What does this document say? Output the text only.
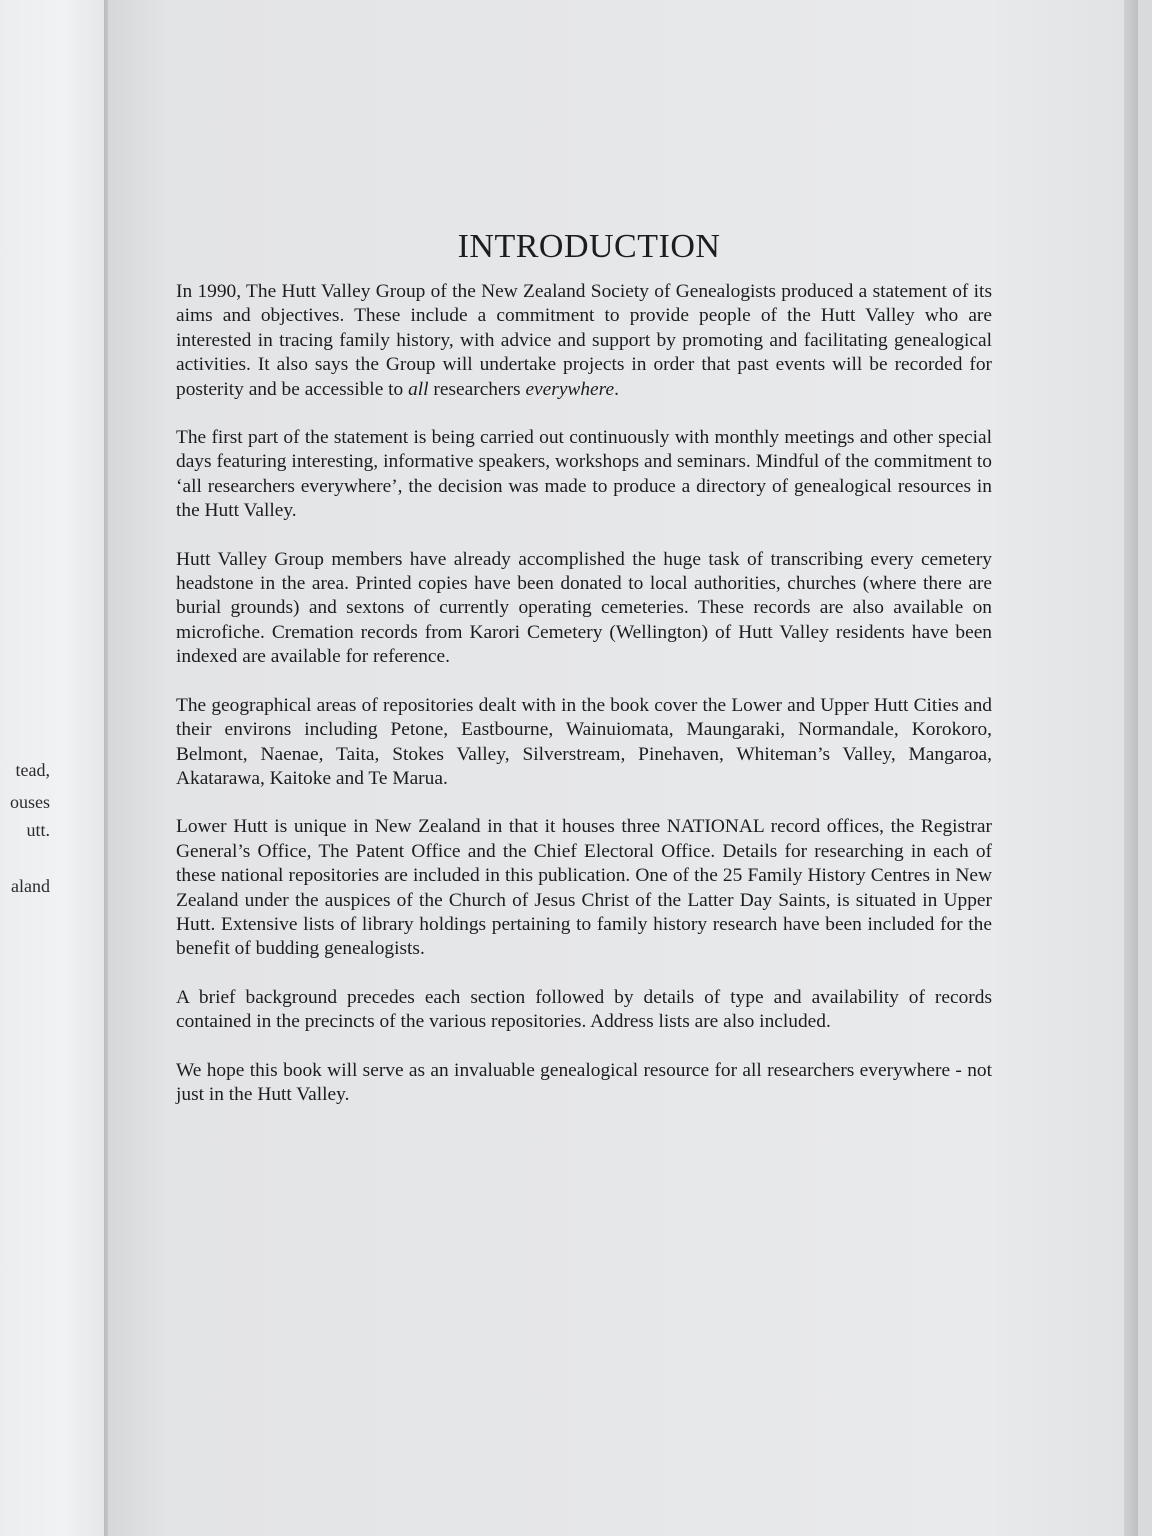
tead,
ouses
utt.
aland
INTRODUCTION

In 1990, The Hutt Valley Group of the New Zealand Society of Genealogists produced a statement of its aims and objectives. These include a commitment to provide people of the Hutt Valley who are interested in tracing family history, with advice and support by promoting and facilitating genealogical activities. It also says the Group will undertake projects in order that past events will be recorded for posterity and be accessible to all researchers everywhere.

The first part of the statement is being carried out continuously with monthly meetings and other special days featuring interesting, informative speakers, workshops and seminars. Mindful of the commitment to ‘all researchers everywhere’, the decision was made to produce a directory of genealogical resources in the Hutt Valley.

Hutt Valley Group members have already accomplished the huge task of transcribing every cemetery headstone in the area. Printed copies have been donated to local authorities, churches (where there are burial grounds) and sextons of currently operating cemeteries. These records are also available on microfiche. Cremation records from Karori Cemetery (Wellington) of Hutt Valley residents have been indexed are available for reference.

The geographical areas of repositories dealt with in the book cover the Lower and Upper Hutt Cities and their environs including Petone, Eastbourne, Wainuiomata, Maungaraki, Normandale, Korokoro, Belmont, Naenae, Taita, Stokes Valley, Silverstream, Pinehaven, Whiteman’s Valley, Mangaroa, Akatarawa, Kaitoke and Te Marua.

Lower Hutt is unique in New Zealand in that it houses three NATIONAL record offices, the Registrar General’s Office, The Patent Office and the Chief Electoral Office. Details for researching in each of these national repositories are included in this publication. One of the 25 Family History Centres in New Zealand under the auspices of the Church of Jesus Christ of the Latter Day Saints, is situated in Upper Hutt. Extensive lists of library holdings pertaining to family history research have been included for the benefit of budding genealogists.

A brief background precedes each section followed by details of type and availability of records contained in the precincts of the various repositories. Address lists are also included.

We hope this book will serve as an invaluable genealogical resource for all researchers everywhere - not just in the Hutt Valley.
